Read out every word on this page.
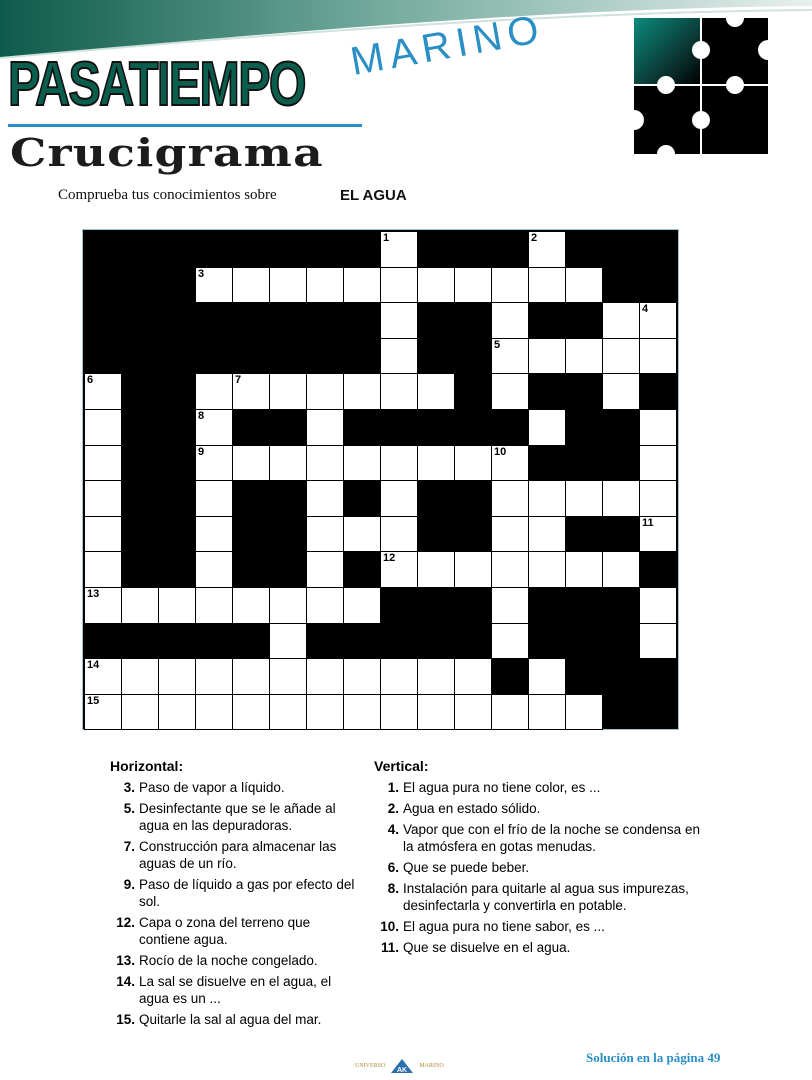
PASATIEMPO
MARINO
Crucigrama
Comprueba tus conocimientos sobre	EL AGUA
1	2
3
4
5
6	7
8
9	10
11
12
13
14
15
Horizontal:
3. Paso de vapor a líquido.
5. Desinfectante que se le añade al agua en las depuradoras.
7. Construcción para almacenar las aguas de un río.
9. Paso de líquido a gas por efecto del sol.
12. Capa o zona del terreno que contiene agua.
13. Rocío de la noche congelado.
14. La sal se disuelve en el agua, el agua es un ...
15. Quitarle la sal al agua del mar.
Vertical:
1. El agua pura no tiene color, es ...
2. Agua en estado sólido.
4. Vapor que con el frío de la noche se condensa en la atmósfera en gotas menudas.
6. Que se puede beber.
8. Instalación para quitarle al agua sus impurezas, desinfectarla y convertirla en potable.
10. El agua pura no tiene sabor, es ...
11. Que se disuelve en el agua.
Solución en la página 49
UNIVERSO
AK
MARINO
